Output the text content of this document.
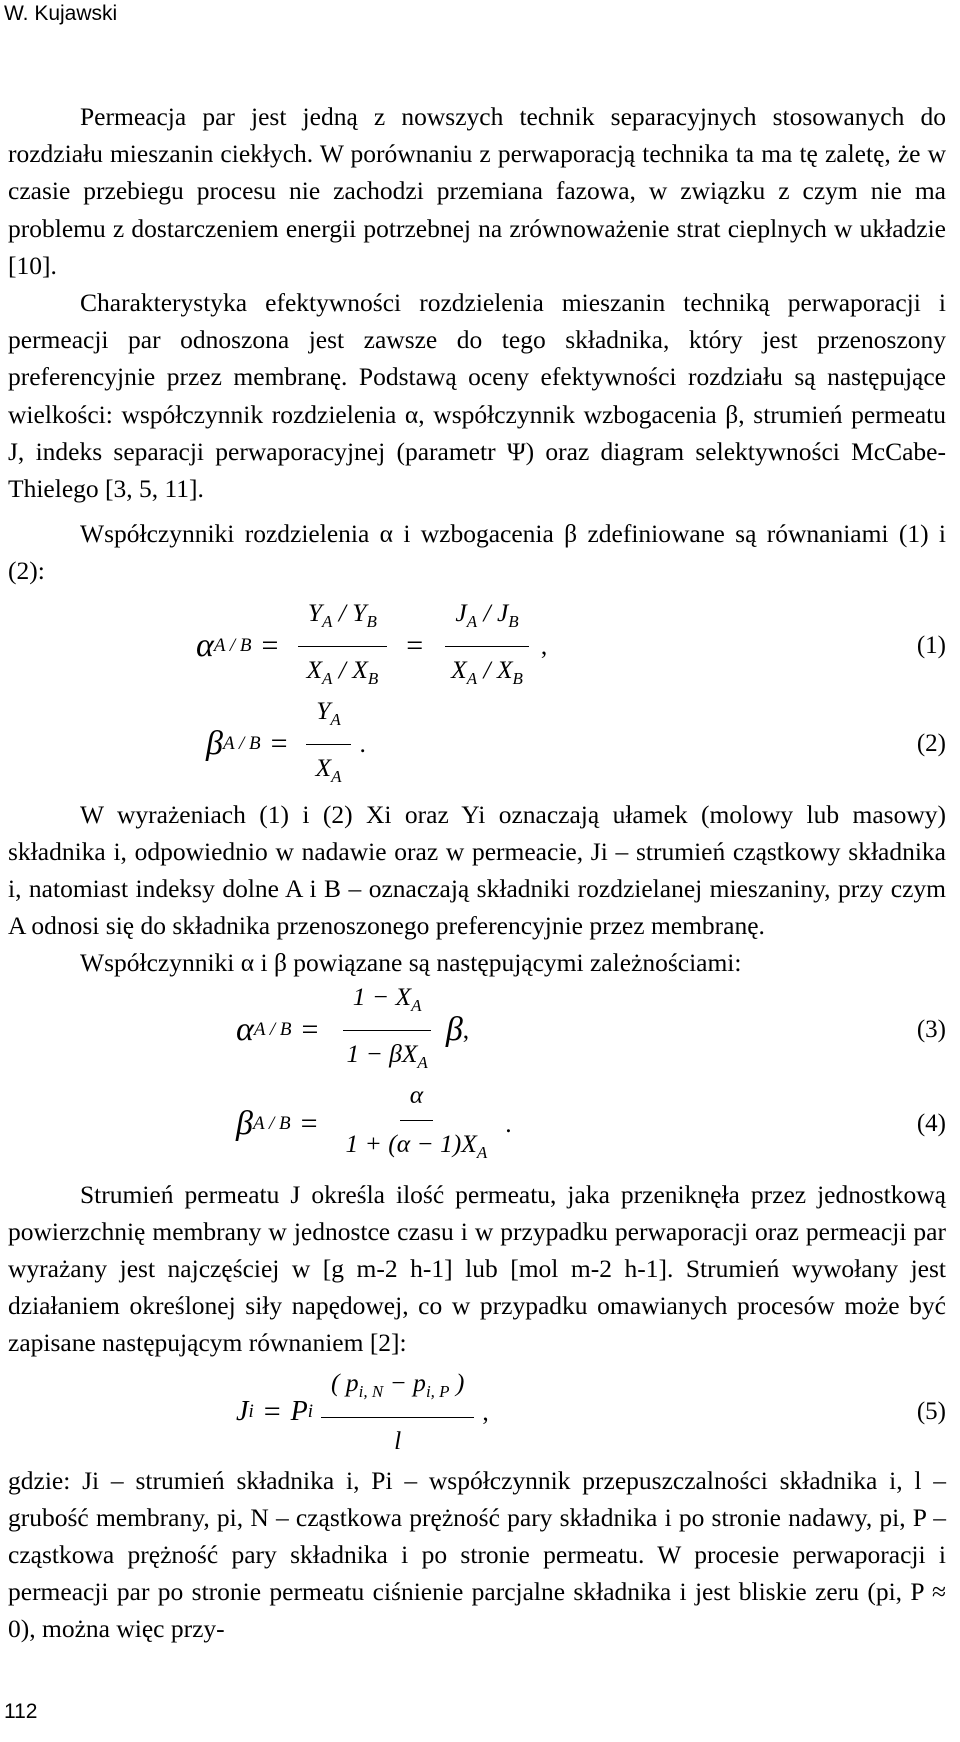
W. Kujawski

Permeacja par jest jedną z nowszych technik separacyjnych stosowanych do rozdziału mieszanin ciekłych. W porównaniu z perwaporacją technika ta ma tę zaletę, że w czasie przebiegu procesu nie zachodzi przemiana fazowa, w związku z czym nie ma problemu z dostarczeniem energii potrzebnej na zrównoważenie strat cieplnych w układzie [10].

Charakterystyka efektywności rozdzielenia mieszanin techniką perwaporacji i permeacji par odnoszona jest zawsze do tego składnika, który jest przenoszony preferencyjnie przez membranę. Podstawą oceny efektywności rozdziału są następujące wielkości: współczynnik rozdzielenia α, współczynnik wzbogacenia β, strumień permeatu J, indeks separacji perwaporacyjnej (parametr Ψ) oraz diagram selektywności McCabe-Thielego [3, 5, 11].

Współczynniki rozdzielenia α i wzbogacenia β zdefiniowane są równaniami (1) i (2):

α $A / B = \frac{Y_A / Y_B}{X_A / X_B} = \frac{J_A / J_B}{X_A / X_B}$ ,	(1)
β $A / B = \frac{Y_A}{X_A}$ .	(2)

W wyrażeniach (1) i (2) Xi oraz Yi oznaczają ułamek (molowy lub masowy) składnika i, odpowiednio w nadawie oraz w permeacie, Ji – strumień cząstkowy składnika i, natomiast indeksy dolne A i B – oznaczają składniki rozdzielanej mieszaniny, przy czym A odnosi się do składnika przenoszonego preferencyjnie przez membranę.

Współczynniki α i β powiązane są następującymi zależnościami:

α $A / B = \frac{1 - X_A}{1 - \beta X_A}$ β ,	(3)
β $A / B = \frac{\alpha}{1 + (\alpha - 1)X_A}$ .	(4)

Strumień permeatu J określa ilość permeatu, jaka przeniknęła przez jednostkową powierzchnię membrany w jednostce czasu i w przypadku perwaporacji oraz permeacji par wyrażany jest najczęściej w [g m-2 h-1] lub [mol m-2 h-1]. Strumień wywołany jest działaniem określonej siły napędowej, co w przypadku omawianych procesów może być zapisane następującym równaniem [2]:

J i = P i $\frac{( p_{i, N} - p_{i, P} )}{l}$ ,	(5)

gdzie: Ji – strumień składnika i, Pi – współczynnik przepuszczalności składnika i, l – grubość membrany, pi, N – cząstkowa prężność pary składnika i po stronie nadawy, pi, P – cząstkowa prężność pary składnika i po stronie permeatu. W procesie perwaporacji i permeacji par po stronie permeatu ciśnienie parcjalne składnika i jest bliskie zeru (pi, P ≈ 0), można więc przy-

112
